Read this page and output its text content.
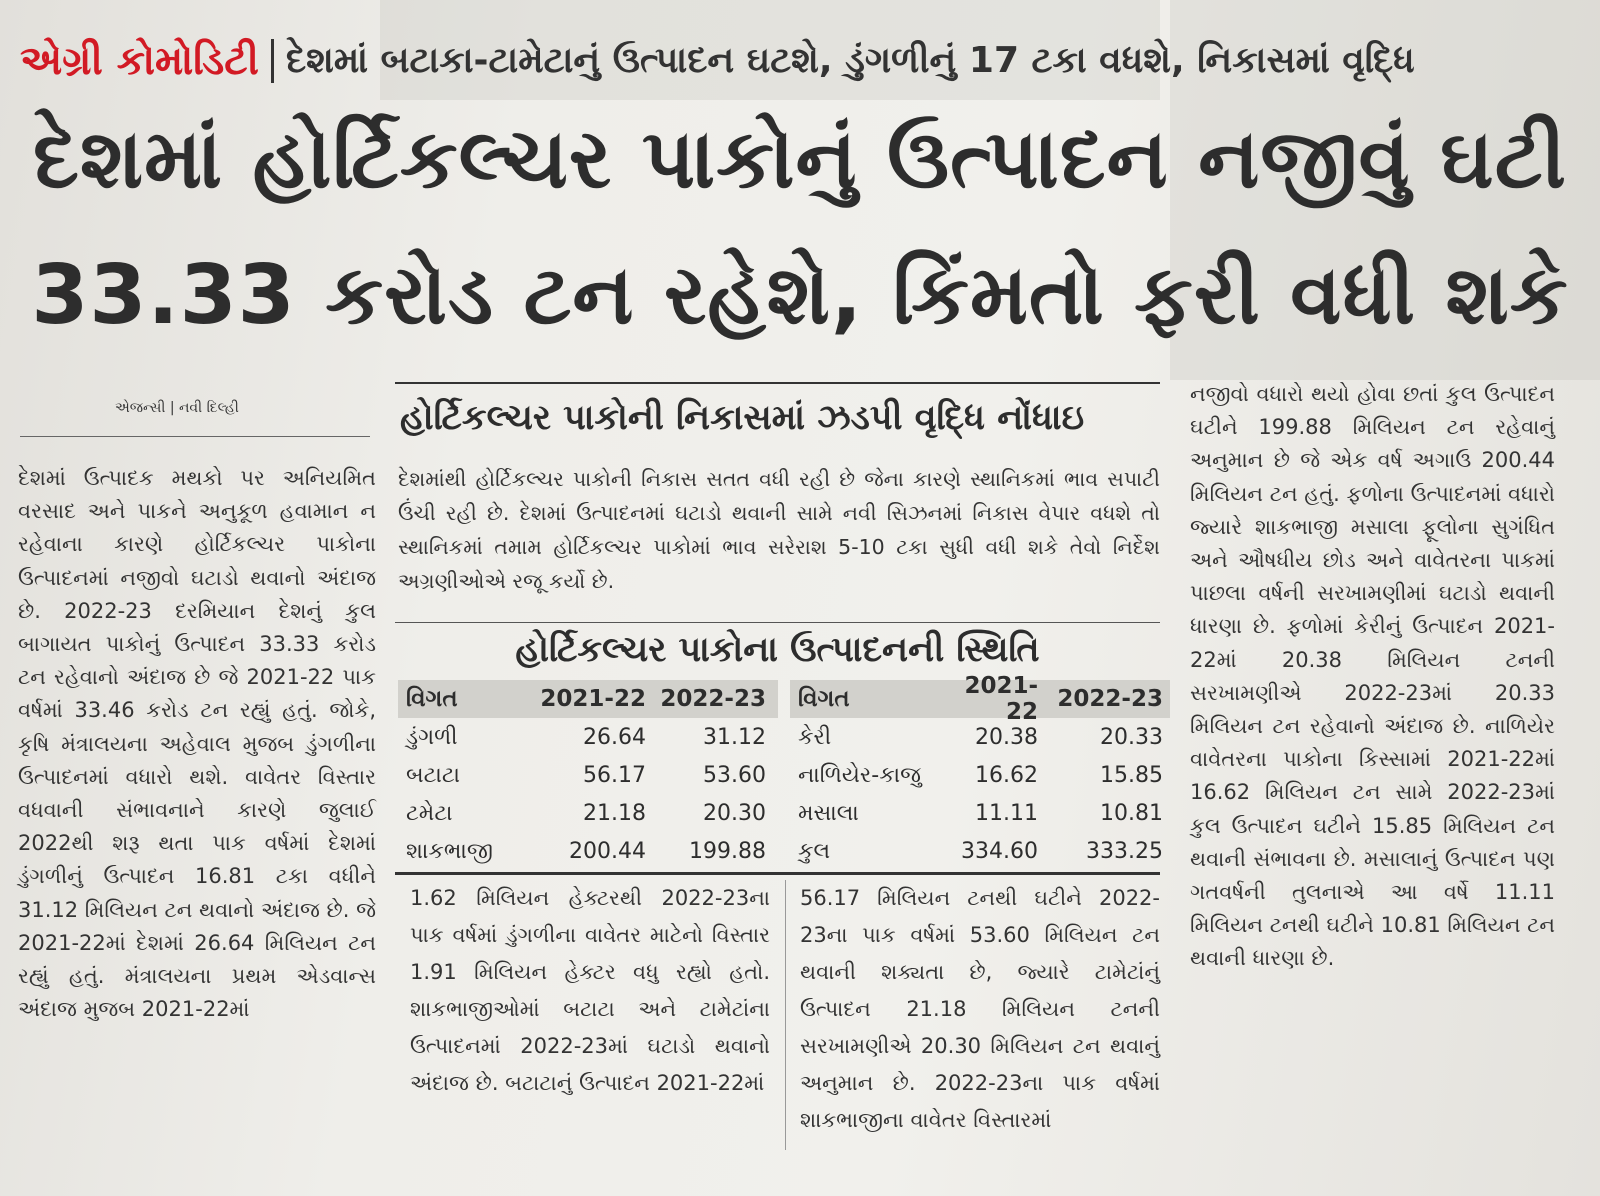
એગ્રી કોમોડિટી દેશમાં બટાકા-ટામેટાનું ઉત્પાદન ઘટશે, ડુંગળીનું 17 ટકા વધશે, નિકાસમાં વૃદ્ધિ
દેશમાં હોર્ટિકલ્ચર પાકોનું ઉત્પાદન નજીવું ઘટી
33.33 કરોડ ટન રહેશે, કિંમતો ફરી વધી શકે
એજન્સી | નવી દિલ્હી
દેશમાં ઉત્પાદક મથકો પર અનિયમિત વરસાદ અને પાકને અનુકૂળ હવામાન ન રહેવાના કારણે હોર્ટિકલ્ચર પાકોના ઉત્પાદનમાં નજીવો ઘટાડો થવાનો અંદાજ છે. 2022-23 દરમિયાન દેશનું કુલ બાગાયત પાકોનું ઉત્પાદન 33.33 કરોડ ટન રહેવાનો અંદાજ છે જે 2021-22 પાક વર્ષમાં 33.46 કરોડ ટન રહ્યું હતું. જોકે, કૃષિ મંત્રાલયના અહેવાલ મુજબ ડુંગળીના ઉત્પાદનમાં વધારો થશે. વાવેતર વિસ્તાર વધવાની સંભાવનાને કારણે જુલાઈ 2022થી શરૂ થતા પાક વર્ષમાં દેશમાં ડુંગળીનું ઉત્પાદન 16.81 ટકા વધીને 31.12 મિલિયન ટન થવાનો અંદાજ છે. જે 2021-22માં દેશમાં 26.64 મિલિયન ટન રહ્યું હતું. મંત્રાલયના પ્રથમ એડવાન્સ અંદાજ મુજબ 2021-22માં
હોર્ટિકલ્ચર પાકોની નિકાસમાં ઝડપી વૃદ્ધિ નોંધાઇ
દેશમાંથી હોર્ટિકલ્ચર પાકોની નિકાસ સતત વધી રહી છે જેના કારણે સ્થાનિકમાં ભાવ સપાટી ઉંચી રહી છે. દેશમાં ઉત્પાદનમાં ઘટાડો થવાની સામે નવી સિઝનમાં નિકાસ વેપાર વધશે તો સ્થાનિકમાં તમામ હોર્ટિકલ્ચર પાકોમાં ભાવ સરેરાશ 5-10 ટકા સુધી વધી શકે તેવો નિર્દેશ અગ્રણીઓએ રજૂ કર્યો છે.
હોર્ટિકલ્ચર પાકોના ઉત્પાદનની સ્થિતિ
વિગત	2021-22 2022-23
ડુંગળી	26.64	31.12
બટાટા	56.17	53.60
ટમેટા	21.18	20.30
શાકભાજી	200.44	199.88
વિગત	2021-22 2022-23
કેરી	20.38	20.33
નાળિયેર-કાજુ	16.62	15.85
મસાલા	11.11	10.81
કુલ	334.60	333.25
1.62 મિલિયન હેક્ટરથી 2022-23ના પાક વર્ષમાં ડુંગળીના વાવેતર માટેનો વિસ્તાર 1.91 મિલિયન હેક્ટર વધુ રહ્યો હતો. શાકભાજીઓમાં બટાટા અને ટામેટાંના ઉત્પાદનમાં 2022-23માં ઘટાડો થવાનો અંદાજ છે. બટાટાનું ઉત્પાદન 2021-22માં
56.17 મિલિયન ટનથી ઘટીને 2022-23ના પાક વર્ષમાં 53.60 મિલિયન ટન થવાની શક્યતા છે, જ્યારે ટામેટાંનું ઉત્પાદન 21.18 મિલિયન ટનની સરખામણીએ 20.30 મિલિયન ટન થવાનું અનુમાન છે. 2022-23ના પાક વર્ષમાં શાકભાજીના વાવેતર વિસ્તારમાં
નજીવો વધારો થયો હોવા છતાં કુલ ઉત્પાદન ઘટીને 199.88 મિલિયન ટન રહેવાનું અનુમાન છે જે એક વર્ષ અગાઉ 200.44 મિલિયન ટન હતું. ફળોના ઉત્પાદનમાં વધારો જ્યારે શાકભાજી મસાલા ફૂલોના સુગંધિત અને ઔષધીય છોડ અને વાવેતરના પાકમાં પાછલા વર્ષની સરખામણીમાં ઘટાડો થવાની ધારણા છે. ફળોમાં કેરીનું ઉત્પાદન 2021-22માં 20.38 મિલિયન ટનની સરખામણીએ 2022-23માં 20.33 મિલિયન ટન રહેવાનો અંદાજ છે. નાળિયેર વાવેતરના પાકોના કિસ્સામાં 2021-22માં 16.62 મિલિયન ટન સામે 2022-23માં કુલ ઉત્પાદન ઘટીને 15.85 મિલિયન ટન થવાની સંભાવના છે. મસાલાનું ઉત્પાદન પણ ગતવર્ષની તુલનાએ આ વર્ષે 11.11 મિલિયન ટનથી ઘટીને 10.81 મિલિયન ટન થવાની ધારણા છે.
